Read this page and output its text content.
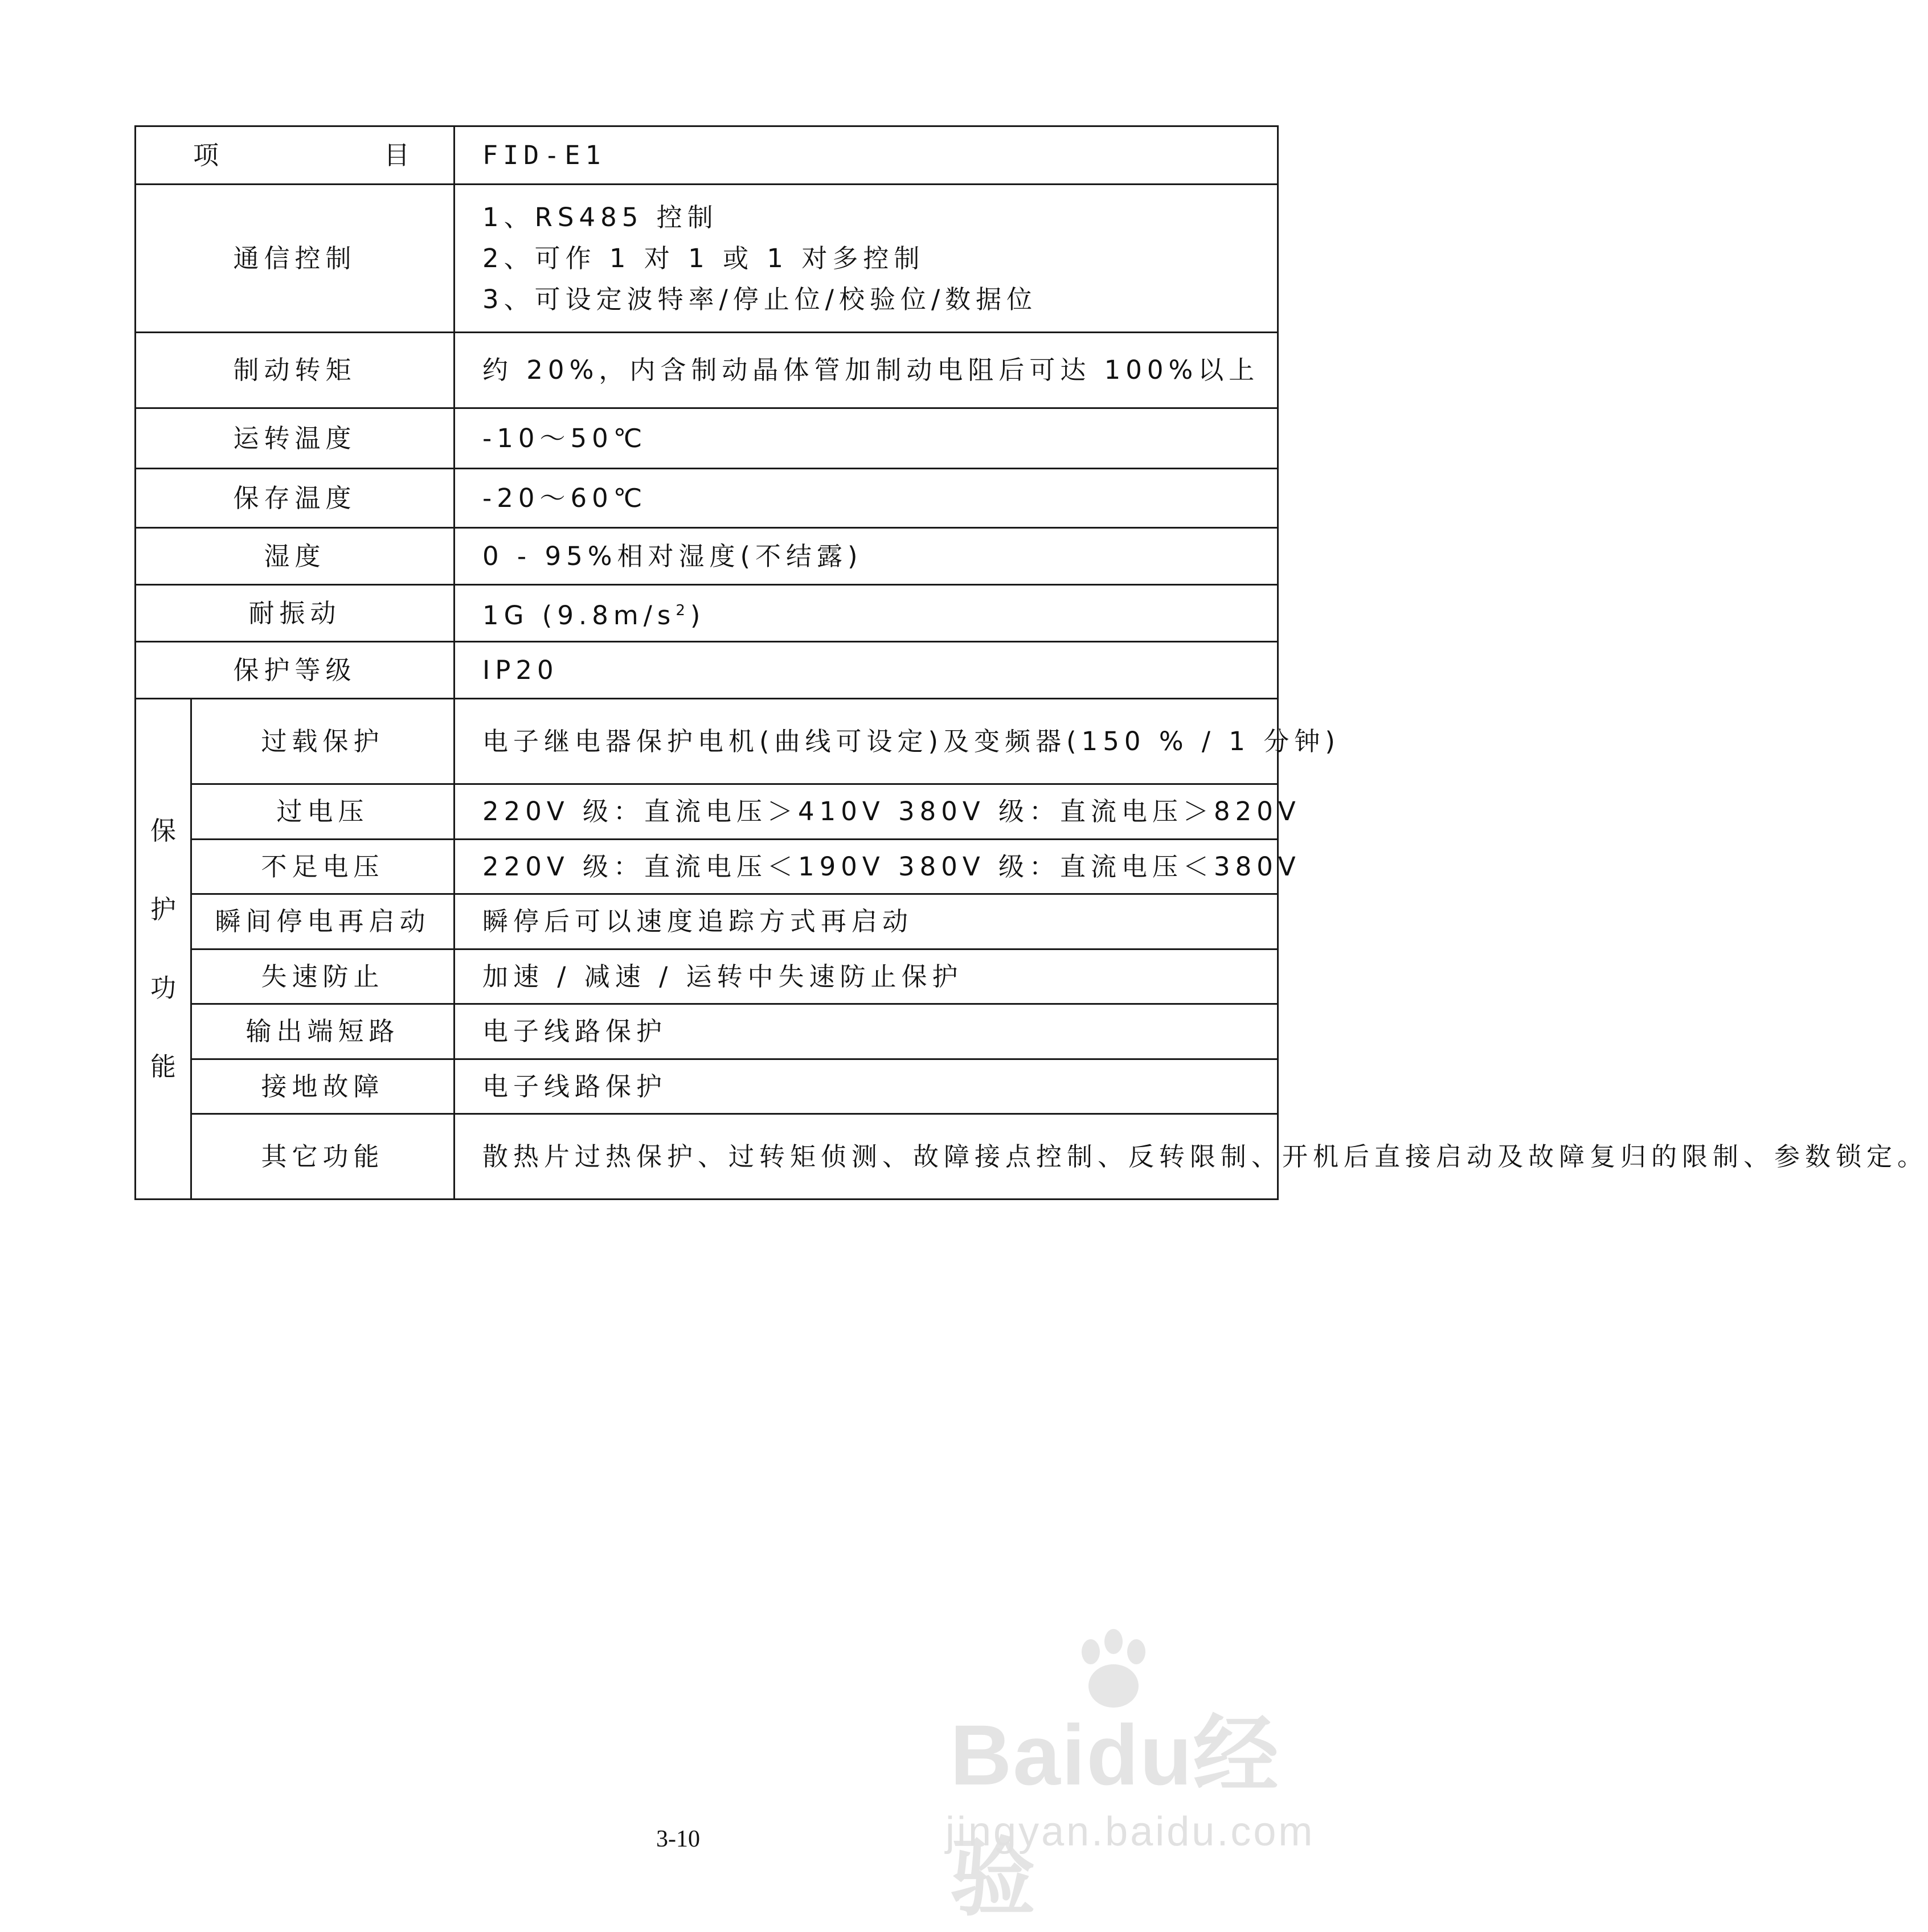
项 目		FID-E1
通信控制		1、RS485 控制
2、可作 1 对 1 或 1 对多控制
3、可设定波特率/停止位/校验位/数据位

制动转矩		约 20%，内含制动晶体管加制动电阻后可达 100%以上
运转温度		-10～50℃
保存温度		-20～60℃
湿度		0 - 95%相对湿度(不结露)
耐振动		1G $(9.8m/s^2)$
保护等级		IP20

保
护
功
能	过载保护	电子继电器保护电机(曲线可设定)及变频器(150 % / 1 分钟)
	过电压	220V 级：直流电压＞410V 380V 级：直流电压＞820V
	不足电压	220V 级：直流电压＜190V 380V 级：直流电压＜380V
	瞬间停电再启动	瞬停后可以速度追踪方式再启动
	失速防止	加速 / 减速 / 运转中失速防止保护
	输出端短路	电子线路保护
	接地故障	电子线路保护
	其它功能	散热片过热保护、过转矩侦测、故障接点控制、反转限制、开机后直接启动及故障复归的限制、参数锁定。
3-10
Baidu经验
jingyan.baidu.com
